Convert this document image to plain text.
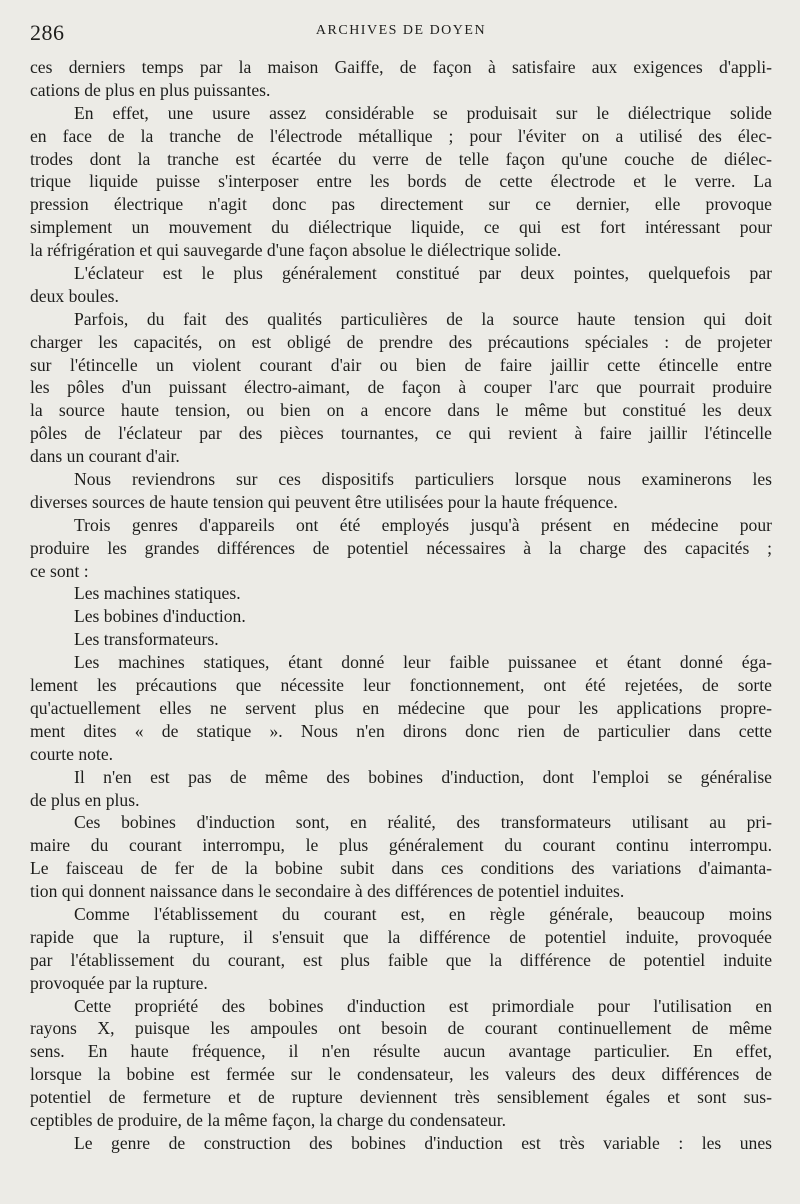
286	ARCHIVES DE DOYEN
ces derniers temps par la maison Gaiffe, de façon à satisfaire aux exigences d'appli-
cations de plus en plus puissantes.
En effet, une usure assez considérable se produisait sur le diélectrique solide
en face de la tranche de l'électrode métallique ; pour l'éviter on a utilisé des élec-
trodes dont la tranche est écartée du verre de telle façon qu'une couche de diélec-
trique liquide puisse s'interposer entre les bords de cette électrode et le verre. La
pression électrique n'agit donc pas directement sur ce dernier, elle provoque
simplement un mouvement du diélectrique liquide, ce qui est fort intéressant pour
la réfrigération et qui sauvegarde d'une façon absolue le diélectrique solide.
L'éclateur est le plus généralement constitué par deux pointes, quelquefois par
deux boules.
Parfois, du fait des qualités particulières de la source haute tension qui doit
charger les capacités, on est obligé de prendre des précautions spéciales : de projeter
sur l'étincelle un violent courant d'air ou bien de faire jaillir cette étincelle entre
les pôles d'un puissant électro-aimant, de façon à couper l'arc que pourrait produire
la source haute tension, ou bien on a encore dans le même but constitué les deux
pôles de l'éclateur par des pièces tournantes, ce qui revient à faire jaillir l'étincelle
dans un courant d'air.
Nous reviendrons sur ces dispositifs particuliers lorsque nous examinerons les
diverses sources de haute tension qui peuvent être utilisées pour la haute fréquence.
Trois genres d'appareils ont été employés jusqu'à présent en médecine pour
produire les grandes différences de potentiel nécessaires à la charge des capacités ;
ce sont :
Les machines statiques.
Les bobines d'induction.
Les transformateurs.
Les machines statiques, étant donné leur faible puissanee et étant donné éga-
lement les précautions que nécessite leur fonctionnement, ont été rejetées, de sorte
qu'actuellement elles ne servent plus en médecine que pour les applications propre-
ment dites « de statique ». Nous n'en dirons donc rien de particulier dans cette
courte note.
Il n'en est pas de même des bobines d'induction, dont l'emploi se généralise
de plus en plus.
Ces bobines d'induction sont, en réalité, des transformateurs utilisant au pri-
maire du courant interrompu, le plus généralement du courant continu interrompu.
Le faisceau de fer de la bobine subit dans ces conditions des variations d'aimanta-
tion qui donnent naissance dans le secondaire à des différences de potentiel induites.
Comme l'établissement du courant est, en règle générale, beaucoup moins
rapide que la rupture, il s'ensuit que la différence de potentiel induite, provoquée
par l'établissement du courant, est plus faible que la différence de potentiel induite
provoquée par la rupture.
Cette propriété des bobines d'induction est primordiale pour l'utilisation en
rayons X, puisque les ampoules ont besoin de courant continuellement de même
sens. En haute fréquence, il n'en résulte aucun avantage particulier. En effet,
lorsque la bobine est fermée sur le condensateur, les valeurs des deux différences de
potentiel de fermeture et de rupture deviennent très sensiblement égales et sont sus-
ceptibles de produire, de la même façon, la charge du condensateur.
Le genre de construction des bobines d'induction est très variable : les unes
